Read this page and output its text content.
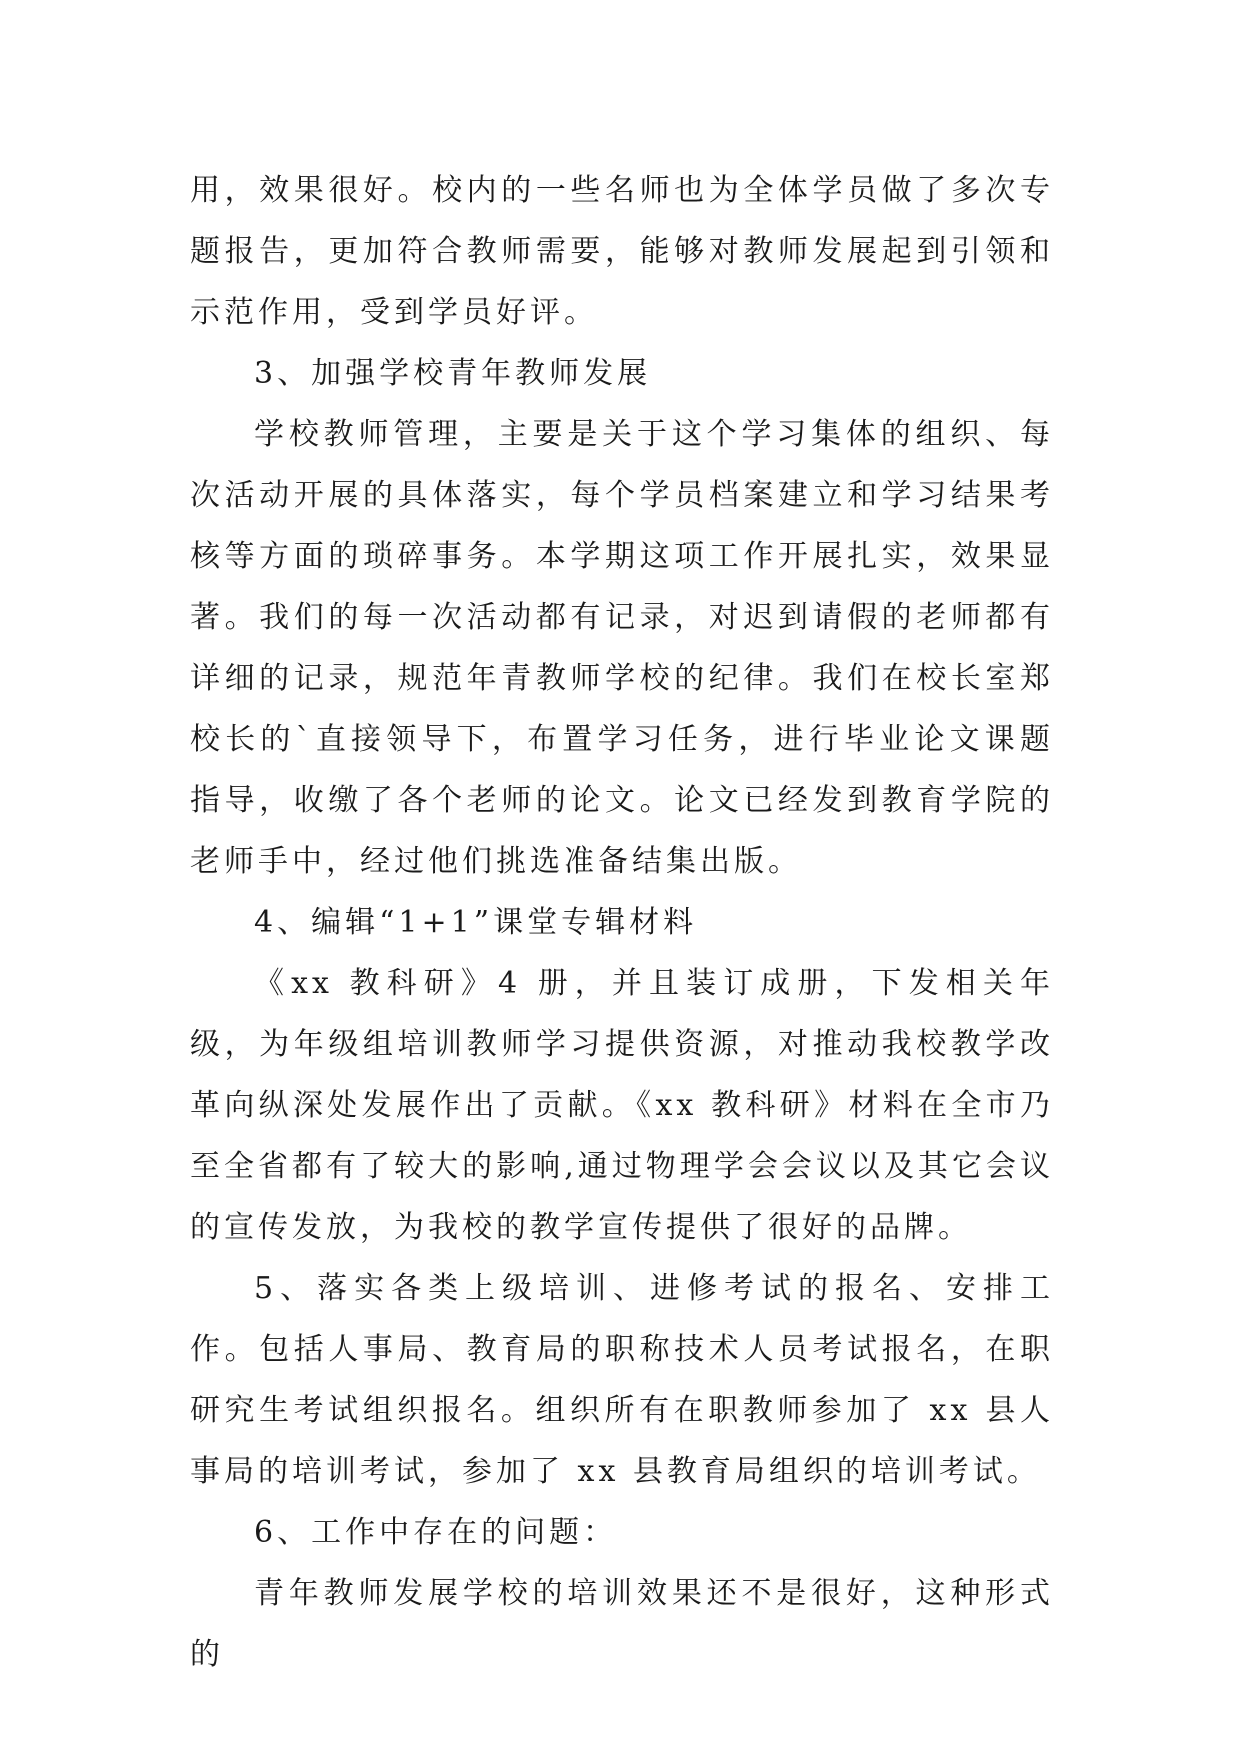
用，效果很好。校内的一些名师也为全体学员做了多次专题报告，更加符合教师需要，能够对教师发展起到引领和示范作用，受到学员好评。

3、加强学校青年教师发展

学校教师管理，主要是关于这个学习集体的组织、每次活动开展的具体落实，每个学员档案建立和学习结果考核等方面的琐碎事务。本学期这项工作开展扎实，效果显著。我们的每一次活动都有记录，对迟到请假的老师都有详细的记录，规范年青教师学校的纪律。我们在校长室郑校长的`直接领导下，布置学习任务，进行毕业论文课题指导，收缴了各个老师的论文。论文已经发到教育学院的老师手中，经过他们挑选准备结集出版。

4、编辑“1+1”课堂专辑材料

《xx 教科研》4 册，并且装订成册，下发相关年级，为年级组培训教师学习提供资源，对推动我校教学改革向纵深处发展作出了贡献。《xx 教科研》材料在全市乃至全省都有了较大的影响,通过物理学会会议以及其它会议的宣传发放，为我校的教学宣传提供了很好的品牌。

5、落实各类上级培训、进修考试的报名、安排工作。包括人事局、教育局的职称技术人员考试报名，在职研究生考试组织报名。组织所有在职教师参加了 xx 县人事局的培训考试，参加了 xx 县教育局组织的培训考试。

6、工作中存在的问题：

青年教师发展学校的培训效果还不是很好，这种形式的
